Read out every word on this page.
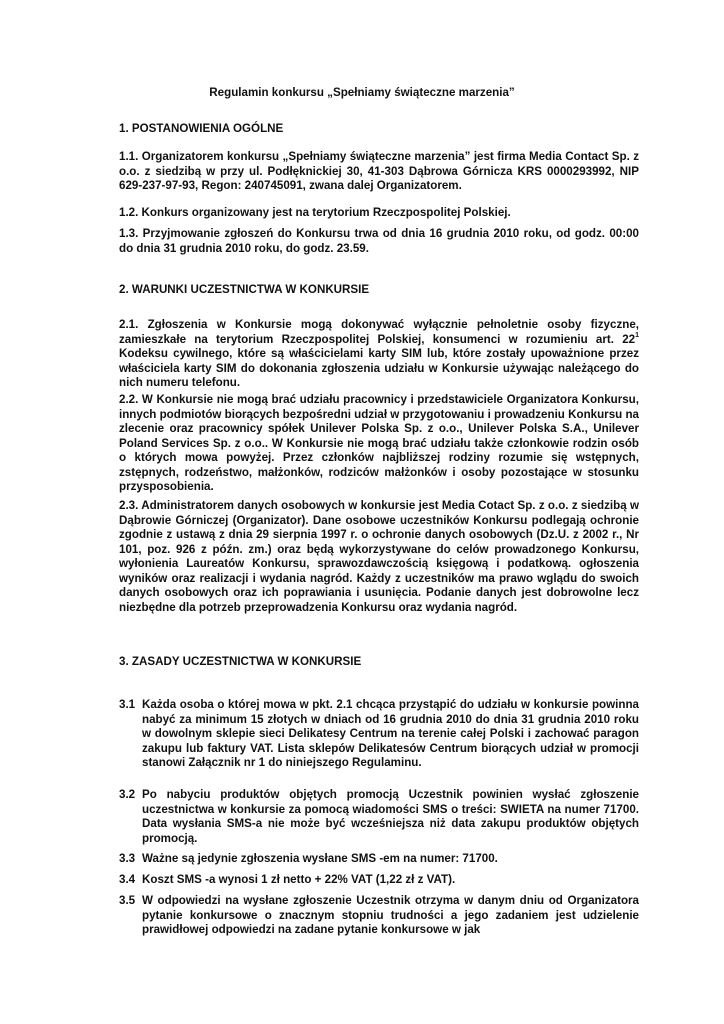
Regulamin konkursu „Spełniamy świąteczne marzenia”
1. POSTANOWIENIA OGÓLNE
1.1. Organizatorem konkursu „Spełniamy świąteczne marzenia” jest firma Media Contact Sp. z o.o. z siedzibą w przy ul. Podłęknickiej 30, 41-303 Dąbrowa Górnicza KRS 0000293992, NIP 629-237-97-93, Regon: 240745091, zwana dalej Organizatorem.
1.2. Konkurs organizowany jest na terytorium Rzeczpospolitej Polskiej.
1.3. Przyjmowanie zgłoszeń do Konkursu trwa od dnia 16 grudnia 2010 roku, od godz. 00:00 do dnia 31 grudnia 2010 roku, do godz. 23.59.
2. WARUNKI UCZESTNICTWA W KONKURSIE
2.1. Zgłoszenia w Konkursie mogą dokonywać wyłącznie pełnoletnie osoby fizyczne, zamieszkałe na terytorium Rzeczpospolitej Polskiej, konsumenci w rozumieniu art. $22^1$ Kodeksu cywilnego, które są właścicielami karty SIM lub, które zostały upoważnione przez właściciela karty SIM do dokonania zgłoszenia udziału w Konkursie używając należącego do nich numeru telefonu.
2.2. W Konkursie nie mogą brać udziału pracownicy i przedstawiciele Organizatora Konkursu, innych podmiotów biorących bezpośredni udział w przygotowaniu i prowadzeniu Konkursu na zlecenie oraz pracownicy spółek Unilever Polska Sp. z o.o., Unilever Polska S.A., Unilever Poland Services Sp. z o.o.. W Konkursie nie mogą brać udziału także członkowie rodzin osób o których mowa powyżej. Przez członków najbliższej rodziny rozumie się wstępnych, zstępnych, rodzeństwo, małżonków, rodziców małżonków i osoby pozostające w stosunku przysposobienia.
2.3. Administratorem danych osobowych w konkursie jest Media Cotact Sp. z o.o. z siedzibą w Dąbrowie Górniczej (Organizator). Dane osobowe uczestników Konkursu podlegają ochronie zgodnie z ustawą z dnia 29 sierpnia 1997 r. o ochronie danych osobowych (Dz.U. z 2002 r., Nr 101, poz. 926 z późn. zm.) oraz będą wykorzystywane do celów prowadzonego Konkursu, wyłonienia Laureatów Konkursu, sprawozdawczością księgową i podatkową. ogłoszenia wyników oraz realizacji i wydania nagród. Każdy z uczestników ma prawo wglądu do swoich danych osobowych oraz ich poprawiania i usunięcia. Podanie danych jest dobrowolne lecz niezbędne dla potrzeb przeprowadzenia Konkursu oraz wydania nagród.
3. ZASADY UCZESTNICTWA W KONKURSIE
3.1 Każda osoba o której mowa w pkt. 2.1 chcąca przystąpić do udziału w konkursie powinna nabyć za minimum 15 złotych w dniach od 16 grudnia 2010 do dnia 31 grudnia 2010 roku w dowolnym sklepie sieci Delikatesy Centrum na terenie całej Polski i zachować paragon zakupu lub faktury VAT. Lista sklepów Delikatesów Centrum biorących udział w promocji stanowi Załącznik nr 1 do niniejszego Regulaminu.
3.2 Po nabyciu produktów objętych promocją Uczestnik powinien wysłać zgłoszenie uczestnictwa w konkursie za pomocą wiadomości SMS o treści: SWIETA na numer 71700. Data wysłania SMS-a nie może być wcześniejsza niż data zakupu produktów objętych promocją.
3.3 Ważne są jedynie zgłoszenia wysłane SMS -em na numer: 71700.
3.4 Koszt SMS -a wynosi 1 zł netto + 22% VAT (1,22 zł z VAT).
3.5 W odpowiedzi na wysłane zgłoszenie Uczestnik otrzyma w danym dniu od Organizatora pytanie konkursowe o znacznym stopniu trudności a jego zadaniem jest udzielenie prawidłowej odpowiedzi na zadane pytanie konkursowe w jak
